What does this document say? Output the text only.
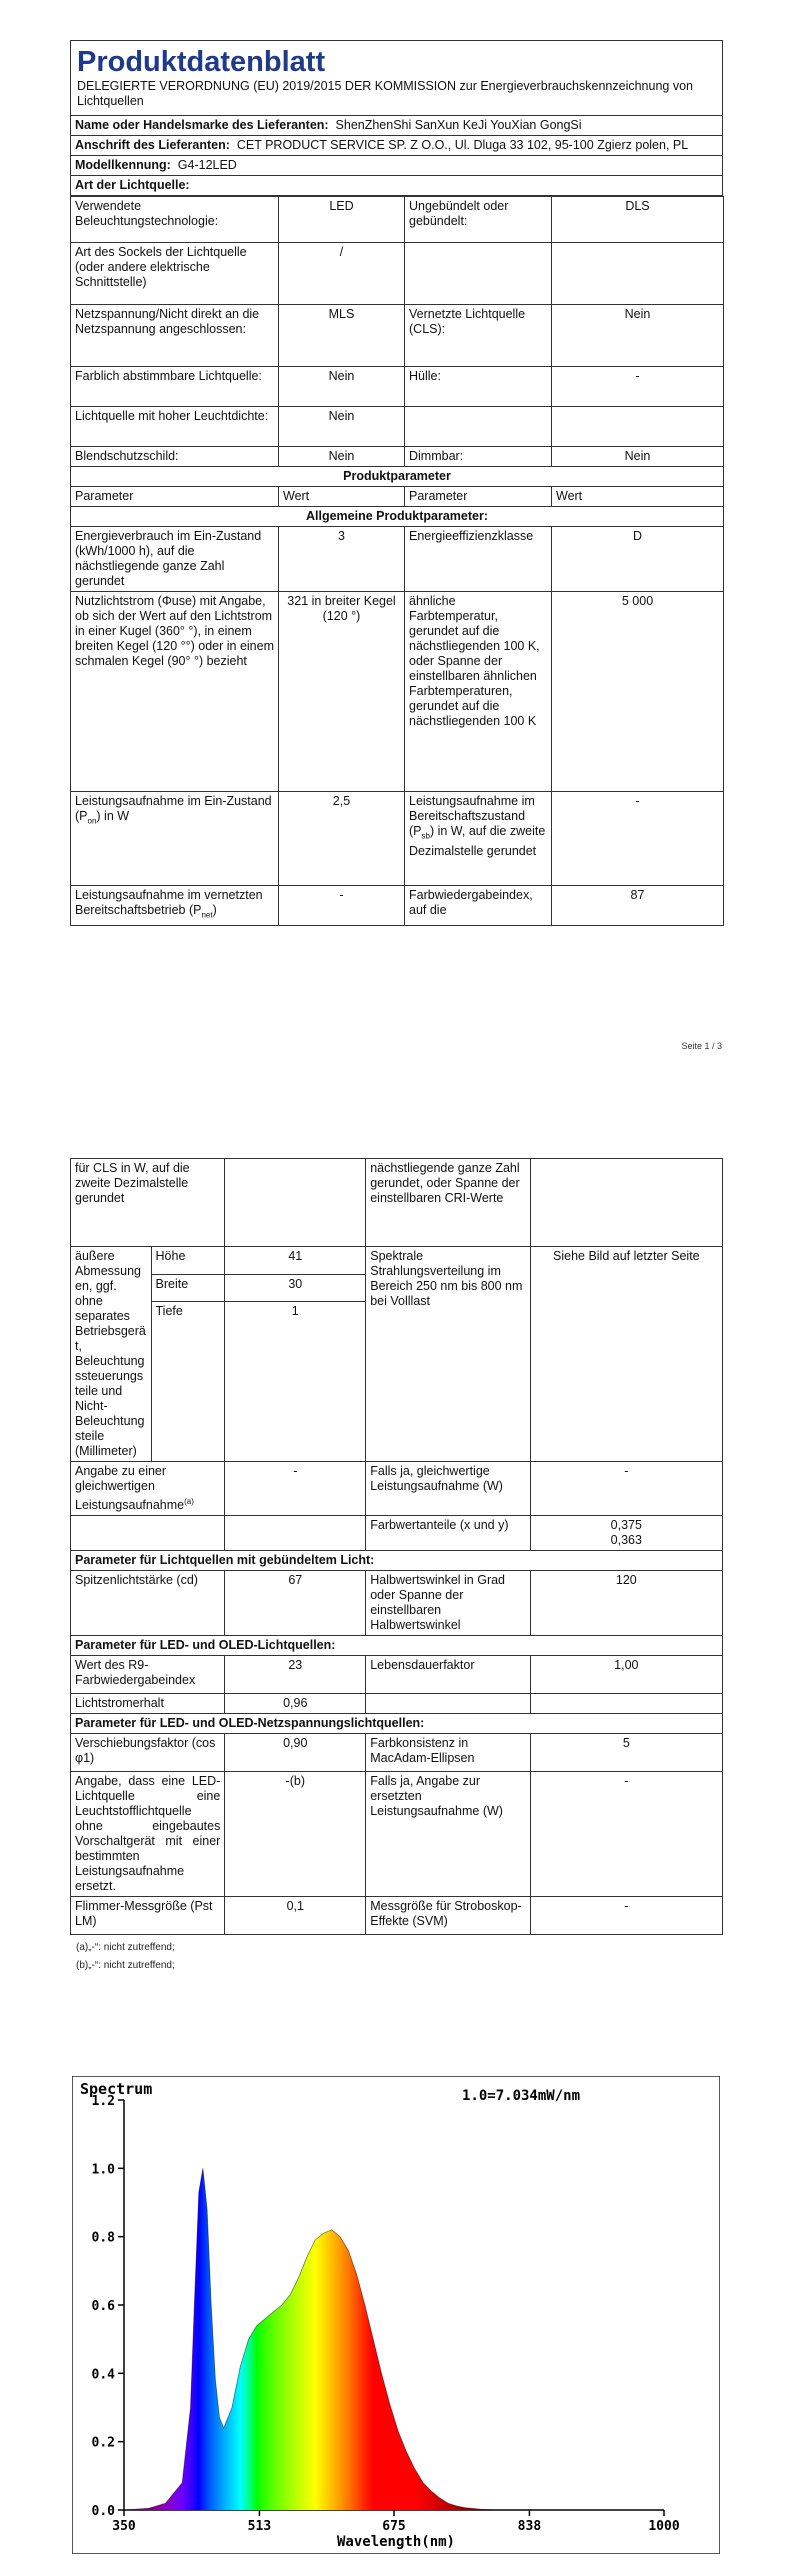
Produktdatenblatt
DELEGIERTE VERORDNUNG (EU) 2019/2015 DER KOMMISSION zur Energieverbrauchskennzeichnung von Lichtquellen

Name oder Handelsmarke des Lieferanten: ShenZhenShi SanXun KeJi YouXian GongSi
Anschrift des Lieferanten: CET PRODUCT SERVICE SP. Z O.O., Ul. Dluga 33 102, 95-100 Zgierz polen, PL
Modellkennung: G4-12LED
Art der Lichtquelle:
Verwendete Beleuchtungstechnologie:	LED	Ungebündelt oder gebündelt:	DLS
Art des Sockels der Lichtquelle (oder andere elektrische Schnittstelle)	/		
Netzspannung/Nicht direkt an die Netzspannung angeschlossen:	MLS	Vernetzte Lichtquelle (CLS):	Nein
Farblich abstimmbare Lichtquelle:	Nein	Hülle:	-
Lichtquelle mit hoher Leuchtdichte:	Nein		
Blendschutzschild:	Nein	Dimmbar:	Nein
Produktparameter			
Parameter	Wert	Parameter	Wert
Allgemeine Produktparameter:			
Energieverbrauch im Ein-Zustand (kWh/1000 h), auf die nächstliegende ganze Zahl gerundet	3	Energieeffizienzklasse	D
Nutzlichtstrom (Φuse) mit Angabe, ob sich der Wert auf den Lichtstrom in einer Kugel (360° °), in einem breiten Kegel (120 °°) oder in einem schmalen Kegel (90° °) bezieht	321 in breiter Kegel (120 °)	ähnliche Farbtemperatur, gerundet auf die nächstliegenden 100 K, oder Spanne der einstellbaren ähnlichen Farbtemperaturen, gerundet auf die nächstliegenden 100 K	5 000
Leistungsaufnahme im Ein-Zustand $(P_{on})$ in W	2,5	Leistungsaufnahme im Bereitschaftszustand $(P_{sb})$ in W, auf die zweite Dezimalstelle gerundet	-
Leistungsaufnahme im vernetzten Bereitschaftsbetrieb $(P_{net})$	-	Farbwiedergabeindex, auf die	87
Seite 1 / 3
für CLS in W, auf die zweite Dezimalstelle gerundet			nächstliegende ganze Zahl gerundet, oder Spanne der einstellbaren CRI-Werte	
äußere Abmessungen, ggf. ohne separates Betriebsgerät, Beleuchtungssteuerungsteile und Nicht-Beleuchtungsteile (Millimeter)	Höhe	41	Spektrale Strahlungsverteilung im Bereich 250 nm bis 800 nm bei Volllast	Siehe Bild auf letzter Seite
	Breite	30		
	Tiefe	1		
Angabe zu einer gleichwertigen Leistungsaufnahme$^{(a)}$		-	Falls ja, gleichwertige Leistungsaufnahme (W)	-
			Farbwertanteile (x und y)	0,375
0,363

Parameter für Lichtquellen mit gebündeltem Licht:				
Spitzenlichtstärke (cd)		67	Halbwertswinkel in Grad oder Spanne der einstellbaren Halbwertswinkel	120
Parameter für LED- und OLED-Lichtquellen:				
Wert des R9-Farbwiedergabeindex		23	Lebensdauerfaktor	1,00
Lichtstromerhalt		0,96		
Parameter für LED- und OLED-Netzspannungslichtquellen:				
Verschiebungsfaktor (cos φ1)		0,90	Farbkonsistenz in MacAdam-Ellipsen	5
Angabe, dass eine LED-Lichtquelle eine Leuchtstofflichtquelle ohne eingebautes Vorschaltgerät mit einer bestimmten Leistungsaufnahme ersetzt.		-(b)	Falls ja, Angabe zur ersetzten Leistungsaufnahme (W)	-
Flimmer-Messgröße (Pst LM)		0,1	Messgröße für Stroboskop-Effekte (SVM)	-
(a)„-“: nicht zutreffend;
(b)„-“: nicht zutreffend;
0.0
0.2
0.4
0.6
0.8
1.0
1.2
350	513	675	838	1000
Spectrum	1.0=7.034mW/nm
Wavelength(nm)
